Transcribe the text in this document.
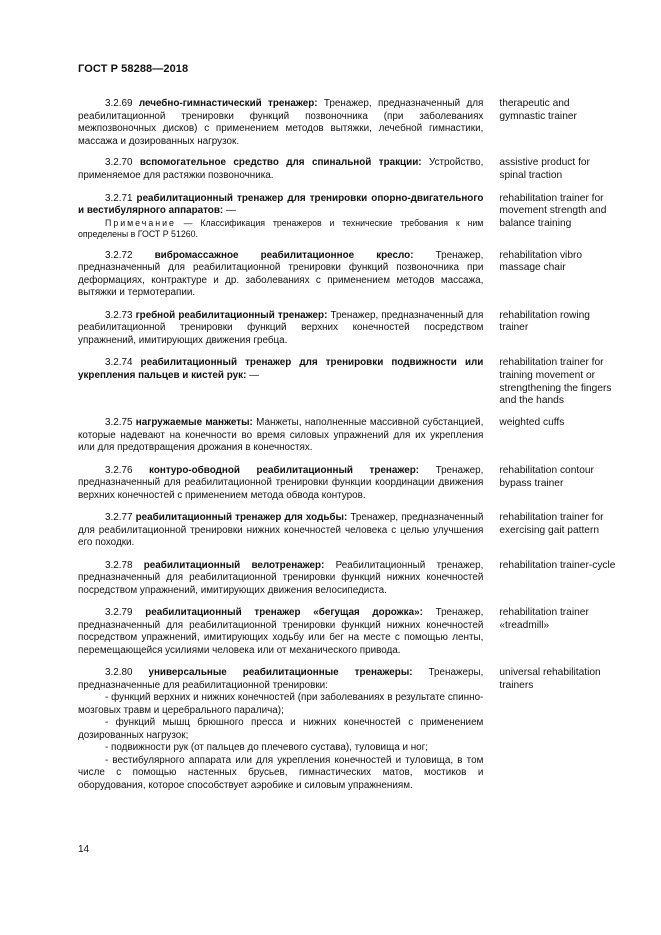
ГОСТ Р 58288—2018

3.2.69 лечебно-гимнастический тренажер: Тренажер, предназначенный для реабилитационной тренировки функций позвоночника (при заболеваниях межпозвоночных дисков) с применением методов вытяжки, лечебной гимнастики, массажа и дозированных нагрузок.

therapeutic and gymnastic trainer

3.2.70 вспомогательное средство для спинальной тракции: Устройство, применяемое для растяжки позвоночника.

assistive product for spinal traction

3.2.71 реабилитационный тренажер для тренировки опорно-двигательного и вестибулярного аппаратов: —

Примечание — Классификация тренажеров и технические требования к ним определены в ГОСТ Р 51260.

rehabilitation trainer for movement strength and balance training

3.2.72 вибромассажное реабилитационное кресло: Тренажер, предназначенный для реабилитационной тренировки функций позвоночника при деформациях, контрактуре и др. заболеваниях с применением методов массажа, вытяжки и термотерапии.

rehabilitation vibro massage chair

3.2.73 гребной реабилитационный тренажер: Тренажер, предназначенный для реабилитационной тренировки функций верхних конечностей посредством упражнений, имитирующих движения гребца.

rehabilitation rowing trainer

3.2.74 реабилитационный тренажер для тренировки подвижности или укрепления пальцев и кистей рук: —

rehabilitation trainer for training movement or strengthening the fingers and the hands

3.2.75 нагружаемые манжеты: Манжеты, наполненные массивной субстанцией, которые надевают на конечности во время силовых упражнений для их укрепления или для предотвращения дрожания в конечностях.

weighted cuffs

3.2.76 контуро-обводной реабилитационный тренажер: Тренажер, предназначенный для реабилитационной тренировки функции координации движения верхних конечностей с применением метода обвода контуров.

rehabilitation contour bypass trainer

3.2.77 реабилитационный тренажер для ходьбы: Тренажер, предназначенный для реабилитационной тренировки нижних конечностей человека с целью улучшения его походки.

rehabilitation trainer for exercising gait pattern

3.2.78 реабилитационный велотренажер: Реабилитационный тренажер, предназначенный для реабилитационной тренировки функций нижних конечностей посредством упражнений, имитирующих движения велосипедиста.

rehabilitation trainer-cycle

3.2.79 реабилитационный тренажер «бегущая дорожка»: Тренажер, предназначенный для реабилитационной тренировки функций нижних конечностей посредством упражнений, имитирующих ходьбу или бег на месте с помощью ленты, перемещающейся усилиями человека или от механического привода.

rehabilitation trainer «treadmill»

3.2.80 универсальные реабилитационные тренажеры: Тренажеры, предназначенные для реабилитационной тренировки:

- функций верхних и нижних конечностей (при заболеваниях в результате спинно-мозговых травм и церебрального паралича);

- функций мышц брюшного пресса и нижних конечностей с применением дозированных нагрузок;

- подвижности рук (от пальцев до плечевого сустава), туловища и ног;

- вестибулярного аппарата или для укрепления конечностей и туловища, в том числе с помощью настенных брусьев, гимнастических матов, мостиков и оборудования, которое способствует аэробике и силовым упражнениям.

universal rehabilitation trainers
14
